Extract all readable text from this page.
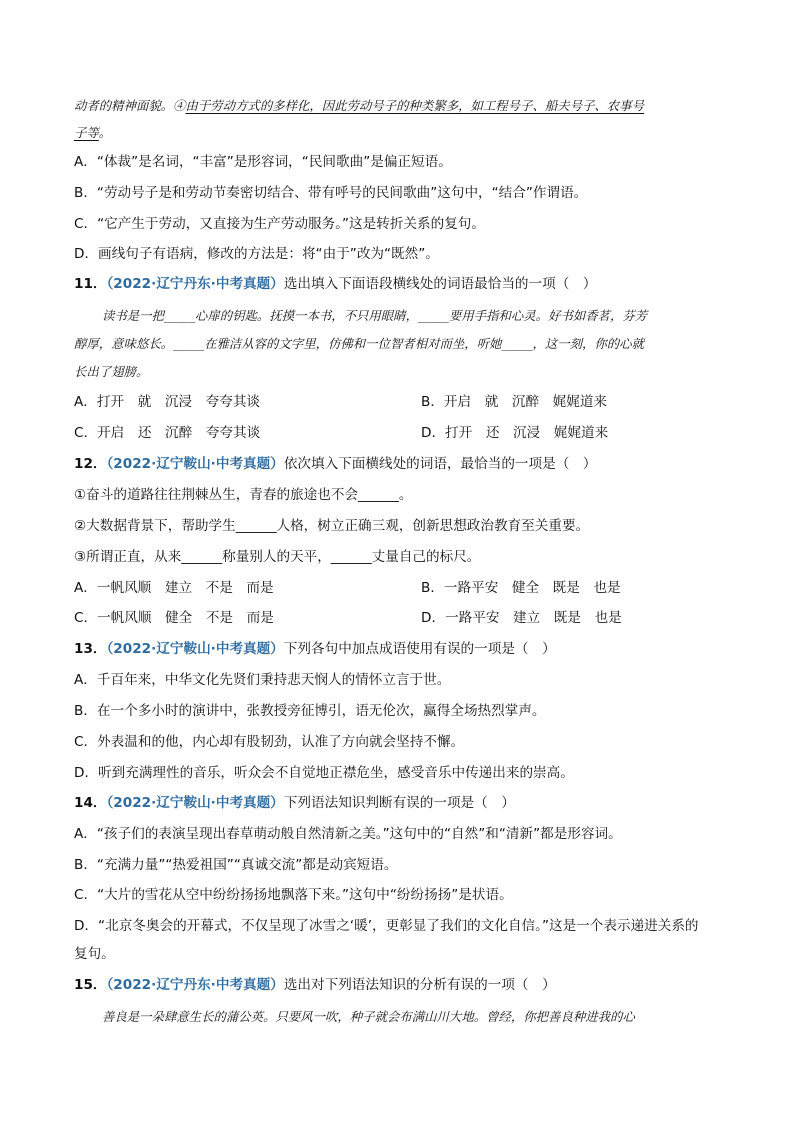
动者的精神面貌。④由于劳动方式的多样化，因此劳动号子的种类繁多，如工程号子、船夫号子、农事号
子等。
A．“体裁”是名词，“丰富”是形容词，“民间歌曲”是偏正短语。
B．“劳动号子是和劳动节奏密切结合、带有呼号的民间歌曲”这句中，“结合”作谓语。
C．“它产生于劳动，又直接为生产劳动服务。”这是转折关系的复句。
D．画线句子有语病，修改的方法是：将“由于”改为“既然”。
11．（2022·辽宁丹东·中考真题）选出填入下面语段横线处的词语最恰当的一项（　）
读书是一把_____心扉的钥匙。抚摸一本书，不只用眼睛，_____要用手指和心灵。好书如香茗，芬芳
醇厚，意味悠长。_____在雅洁从容的文字里，仿佛和一位智者相对而坐，听她_____，这一刻，你的心就
长出了翅膀。
A．打开　就　沉浸　夸夸其谈	B．开启　就　沉醉　娓娓道来
C．开启　还　沉醉　夸夸其谈	D．打开　还　沉浸　娓娓道来
12．（2022·辽宁鞍山·中考真题）依次填入下面横线处的词语，最恰当的一项是（　）
①奋斗的道路往往荆棘丛生，青春的旅途也不会______。
②大数据背景下，帮助学生______人格，树立正确三观，创新思想政治教育至关重要。
③所谓正直，从来______称量别人的天平，______丈量自己的标尺。
A．一帆风顺　建立　不是　而是	B．一路平安　健全　既是　也是
C．一帆风顺　健全　不是　而是	D．一路平安　建立　既是　也是
13．（2022·辽宁鞍山·中考真题）下列各句中加点成语使用有误的一项是（　）
A．千百年来，中华文化先贤们秉持悲天悯人的情怀立言于世。
B．在一个多小时的演讲中，张教授旁征博引，语无伦次，赢得全场热烈掌声。
C．外表温和的他，内心却有股韧劲，认准了方向就会坚持不懈。
D．听到充满理性的音乐，听众会不自觉地正襟危坐，感受音乐中传递出来的崇高。
14．（2022·辽宁鞍山·中考真题）下列语法知识判断有误的一项是（　）
A．“孩子们的表演呈现出春草萌动般自然清新之美。”这句中的“自然”和“清新”都是形容词。
B．“充满力量”“热爱祖国”“真诚交流”都是动宾短语。
C．“大片的雪花从空中纷纷扬扬地飘落下来。”这句中“纷纷扬扬”是状语。
D．“北京冬奥会的开幕式，不仅呈现了冰雪之‘暖’，更彰显了我们的文化自信。”这是一个表示递进关系的
复句。
15．（2022·辽宁丹东·中考真题）选出对下列语法知识的分析有误的一项（　）
善良是一朵肆意生长的蒲公英。只要风一吹，种子就会布满山川大地。曾经，你把善良种进我的心
